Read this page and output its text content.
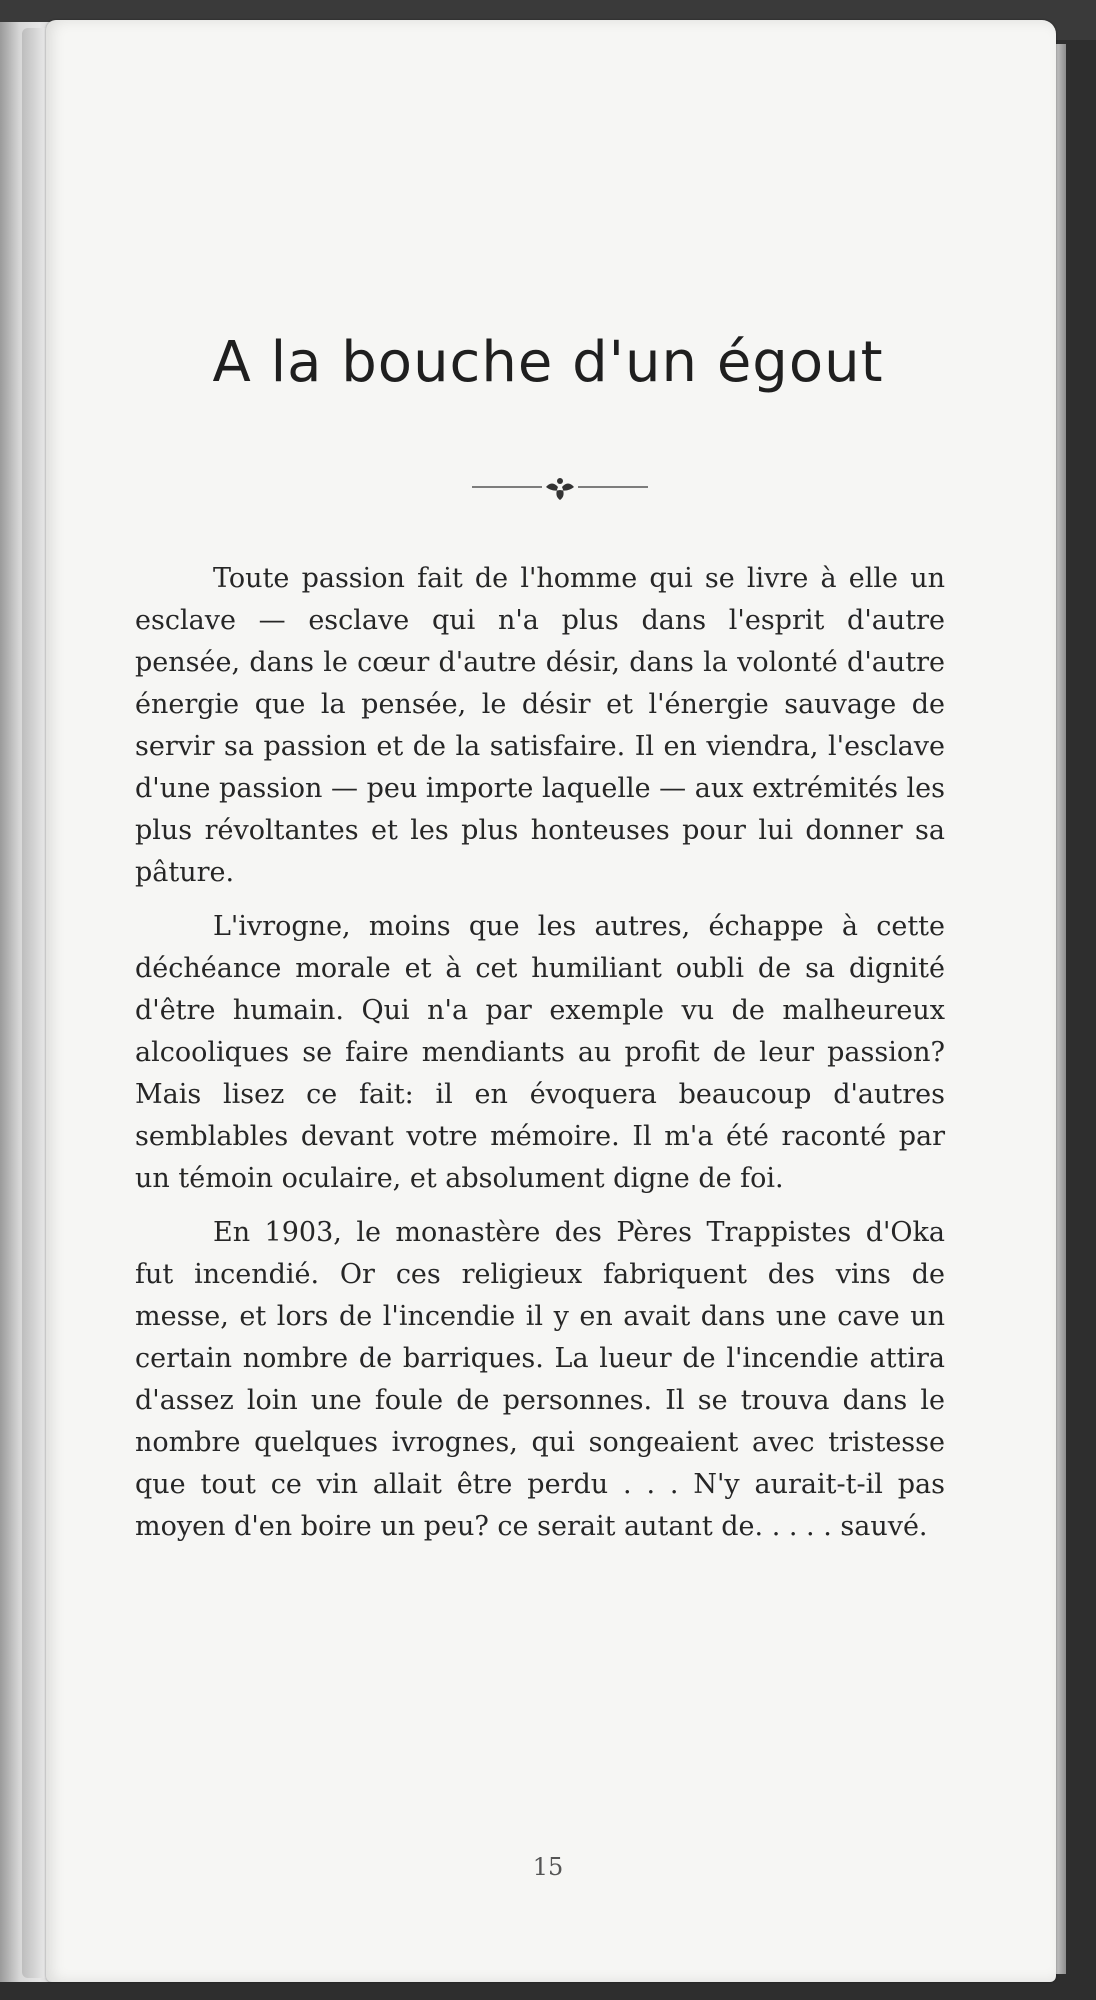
A la bouche d'un égout

Toute passion fait de l'homme qui se livre à elle un esclave — esclave qui n'a plus dans l'esprit d'autre pensée, dans le cœur d'autre désir, dans la volonté d'autre énergie que la pensée, le désir et l'énergie sauvage de servir sa passion et de la satisfaire. Il en viendra, l'esclave d'une passion — peu importe laquelle — aux extrémités les plus révoltantes et les plus honteuses pour lui donner sa pâture.

L'ivrogne, moins que les autres, échappe à cette déchéance morale et à cet humiliant oubli de sa dignité d'être humain. Qui n'a par exemple vu de malheureux alcooliques se faire mendiants au profit de leur passion? Mais lisez ce fait: il en évoquera beaucoup d'autres semblables devant votre mémoire. Il m'a été raconté par un témoin oculaire, et absolument digne de foi.

En 1903, le monastère des Pères Trappistes d'Oka fut incendié. Or ces religieux fabriquent des vins de messe, et lors de l'incendie il y en avait dans une cave un certain nombre de barriques. La lueur de l'incendie attira d'assez loin une foule de personnes. Il se trouva dans le nombre quelques ivrognes, qui songeaient avec tristesse que tout ce vin allait être perdu . . . N'y aurait-t-il pas moyen d'en boire un peu? ce serait autant de. . . . . sauvé.

15
